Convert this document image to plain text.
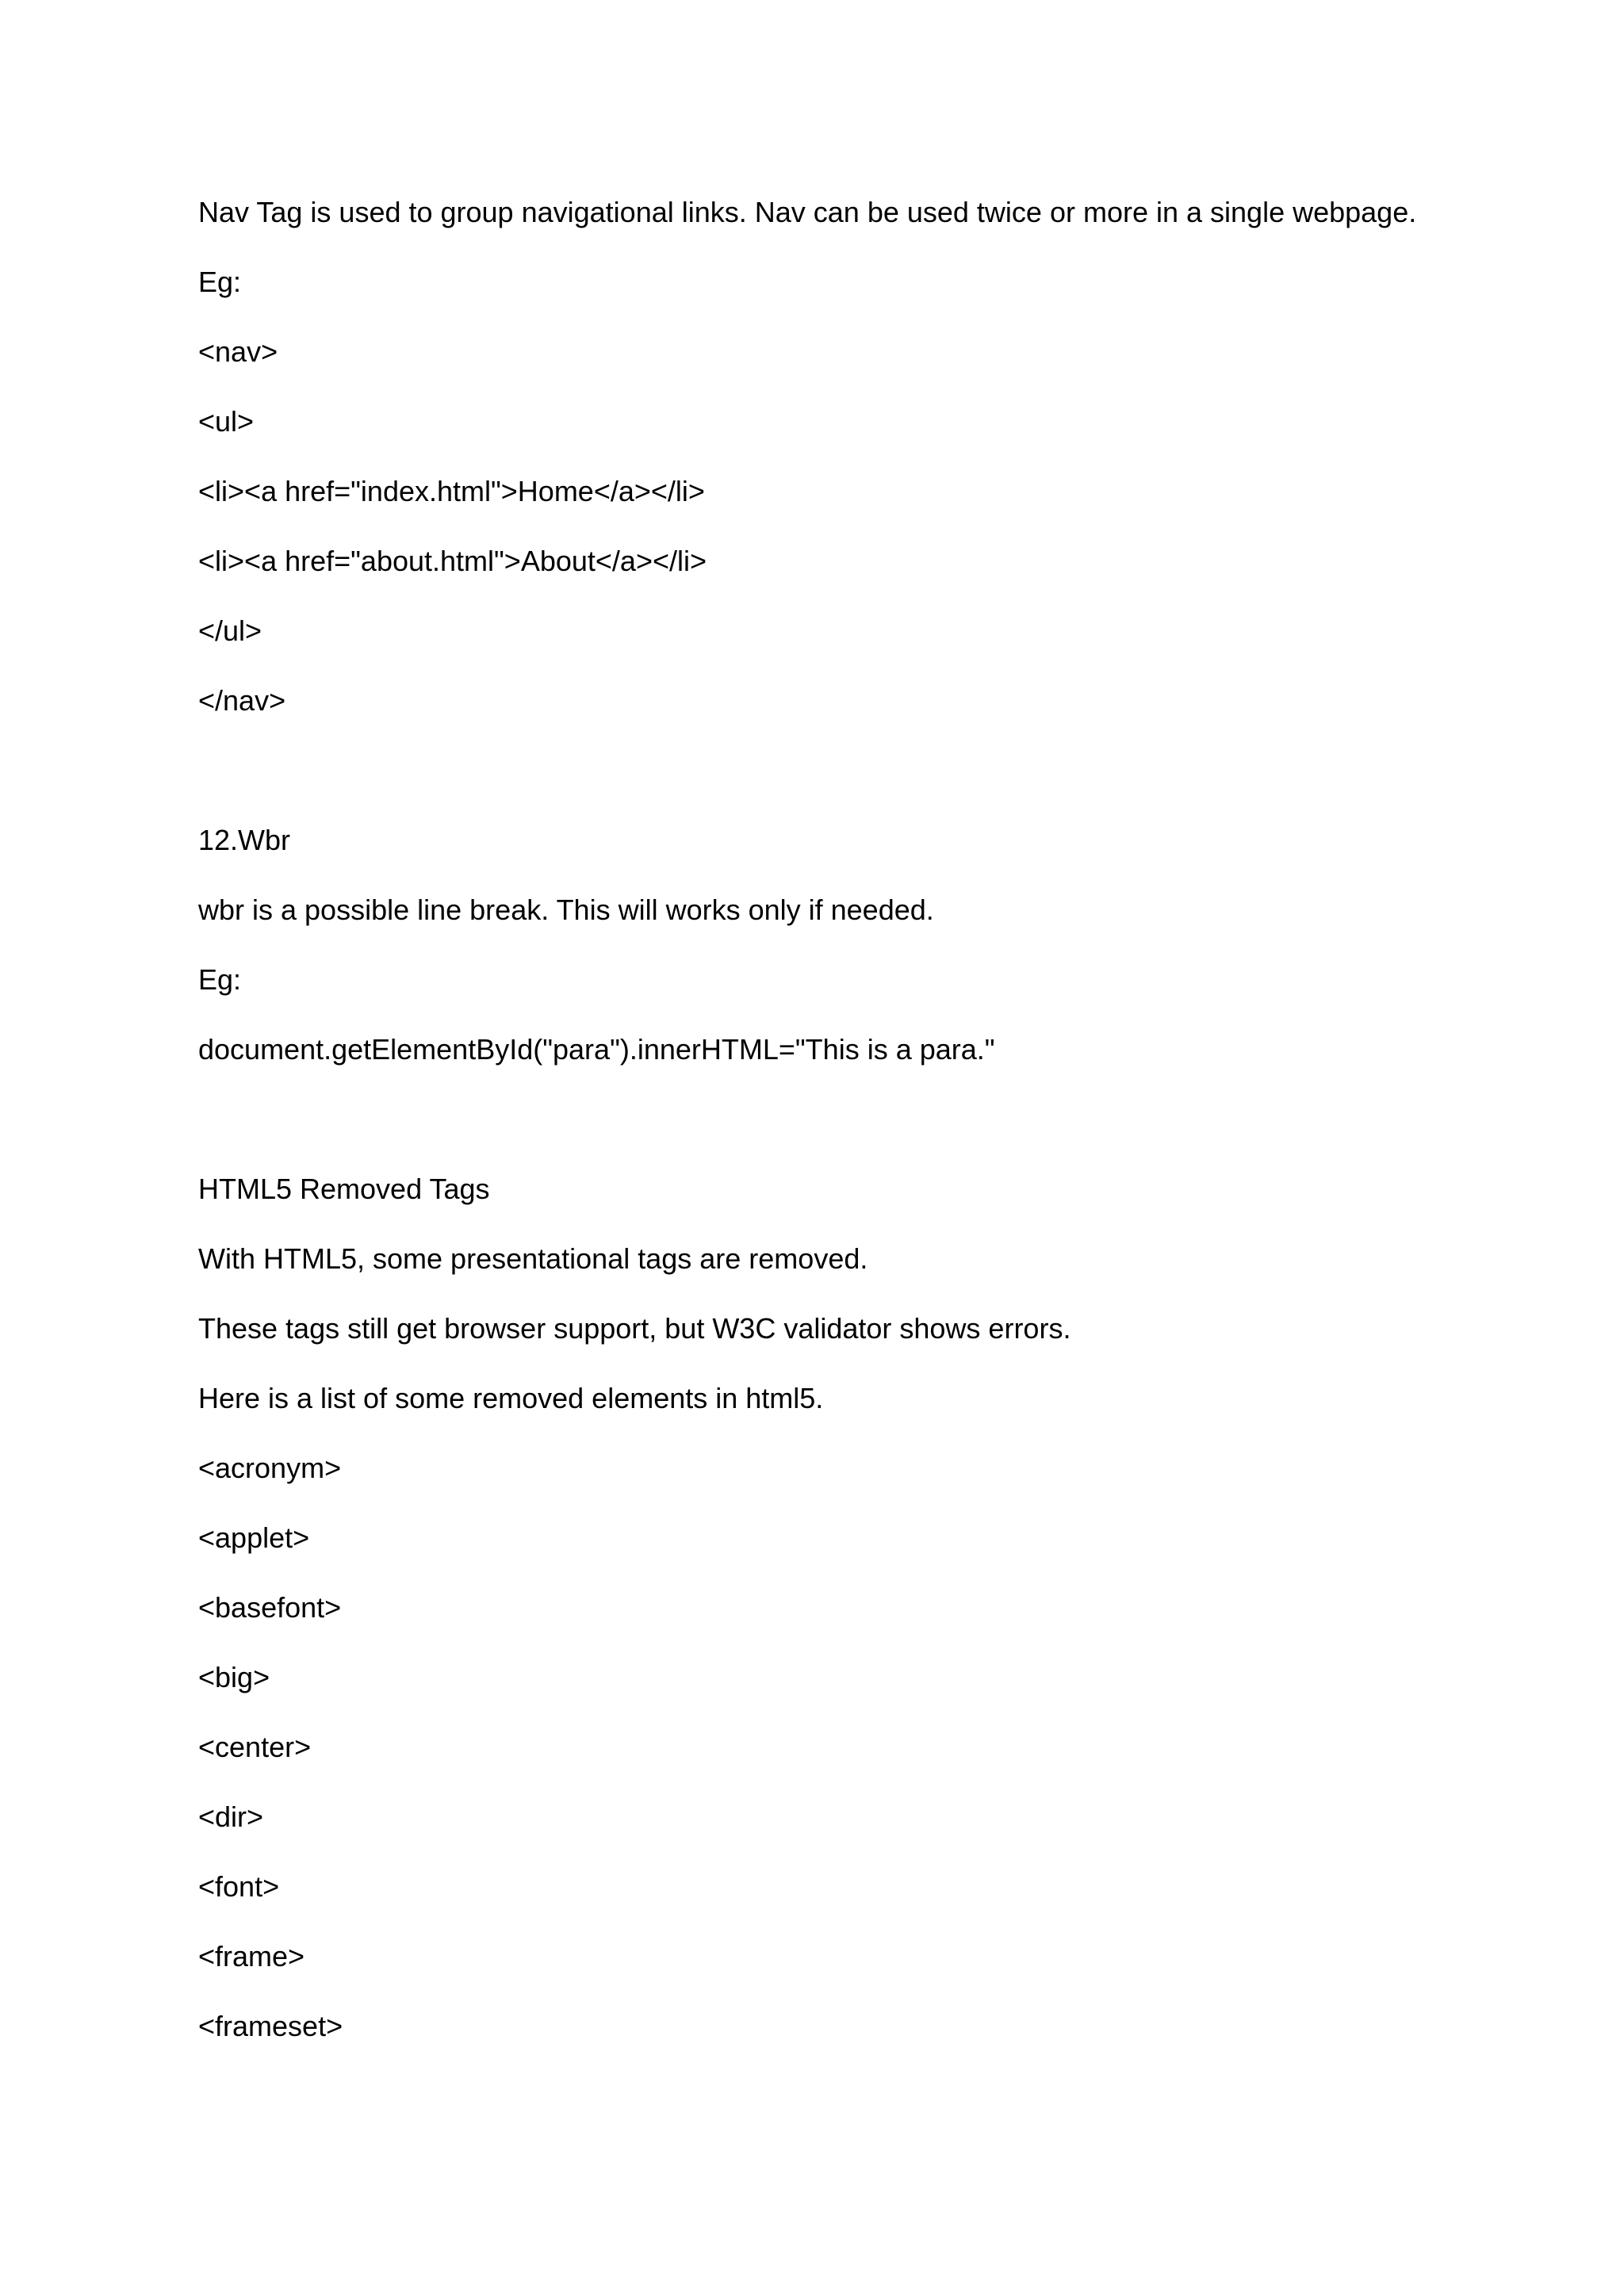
Nav Tag is used to group navigational links. Nav can be used twice or more in a single webpage.

Eg:

<nav>

<ul>

<li><a href="index.html">Home</a></li>

<li><a href="about.html">About</a></li>

</ul>

</nav>

12.Wbr

wbr is a possible line break. This will works only if needed.

Eg:

document.getElementById("para").innerHTML="This is a para."

HTML5 Removed Tags

With HTML5, some presentational tags are removed.

These tags still get browser support, but W3C validator shows errors.

Here is a list of some removed elements in html5.

<acronym>

<applet>

<basefont>

<big>

<center>

<dir>

<font>

<frame>

<frameset>
